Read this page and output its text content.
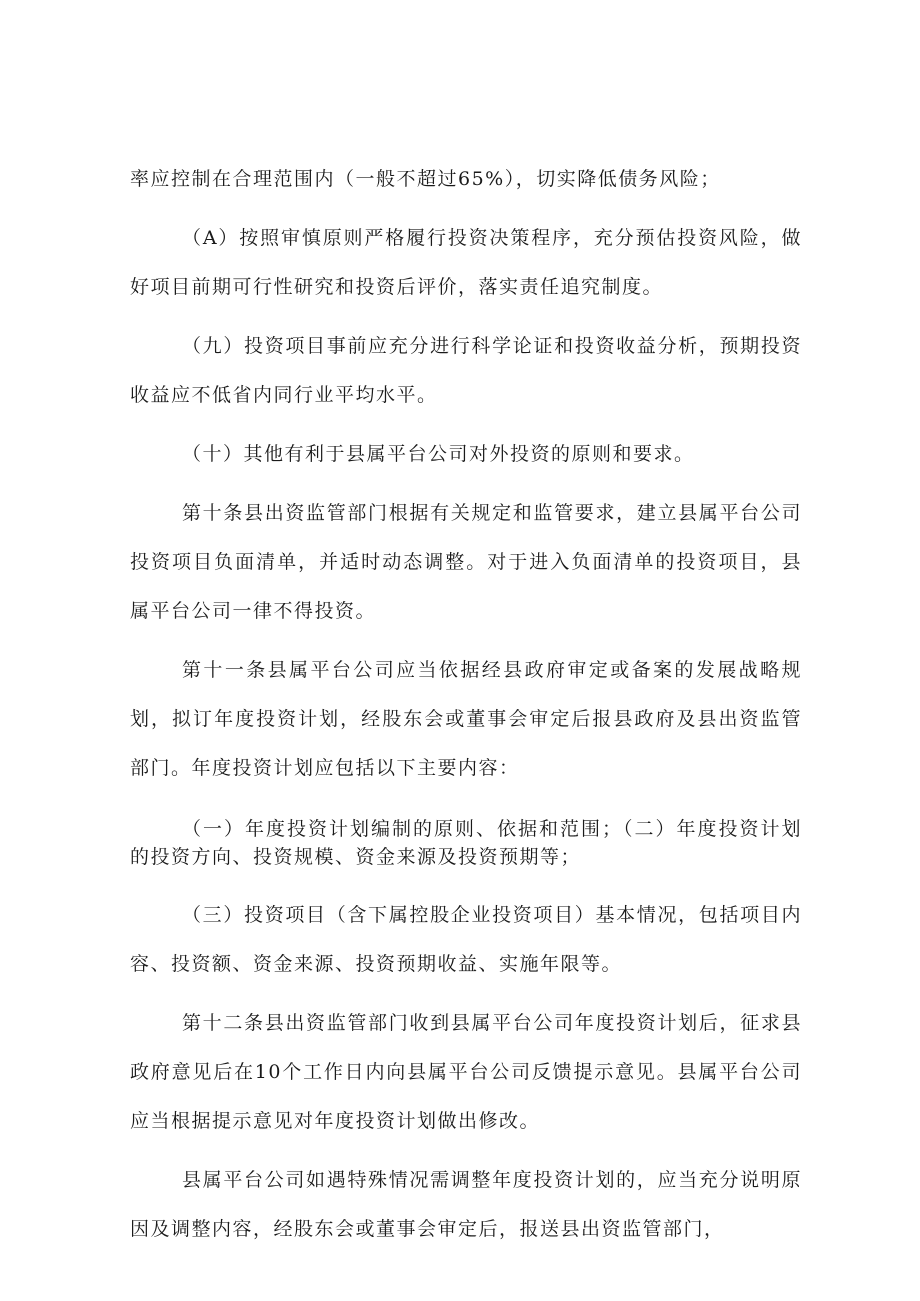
率应控制在合理范围内（一般不超过65%），切实降低债务风险；

（A）按照审慎原则严格履行投资决策程序，充分预估投资风险，做好项目前期可行性研究和投资后评价，落实责任追究制度。

（九）投资项目事前应充分进行科学论证和投资收益分析，预期投资收益应不低省内同行业平均水平。

（十）其他有利于县属平台公司对外投资的原则和要求。

第十条县出资监管部门根据有关规定和监管要求，建立县属平台公司投资项目负面清单，并适时动态调整。对于进入负面清单的投资项目，县属平台公司一律不得投资。

第十一条县属平台公司应当依据经县政府审定或备案的发展战略规划，拟订年度投资计划，经股东会或董事会审定后报县政府及县出资监管部门。年度投资计划应包括以下主要内容：

（一）年度投资计划编制的原则、依据和范围；（二）年度投资计划的投资方向、投资规模、资金来源及投资预期等；

（三）投资项目（含下属控股企业投资项目）基本情况，包括项目内容、投资额、资金来源、投资预期收益、实施年限等。

第十二条县出资监管部门收到县属平台公司年度投资计划后，征求县政府意见后在10个工作日内向县属平台公司反馈提示意见。县属平台公司应当根据提示意见对年度投资计划做出修改。

县属平台公司如遇特殊情况需调整年度投资计划的，应当充分说明原因及调整内容，经股东会或董事会审定后，报送县出资监管部门，
